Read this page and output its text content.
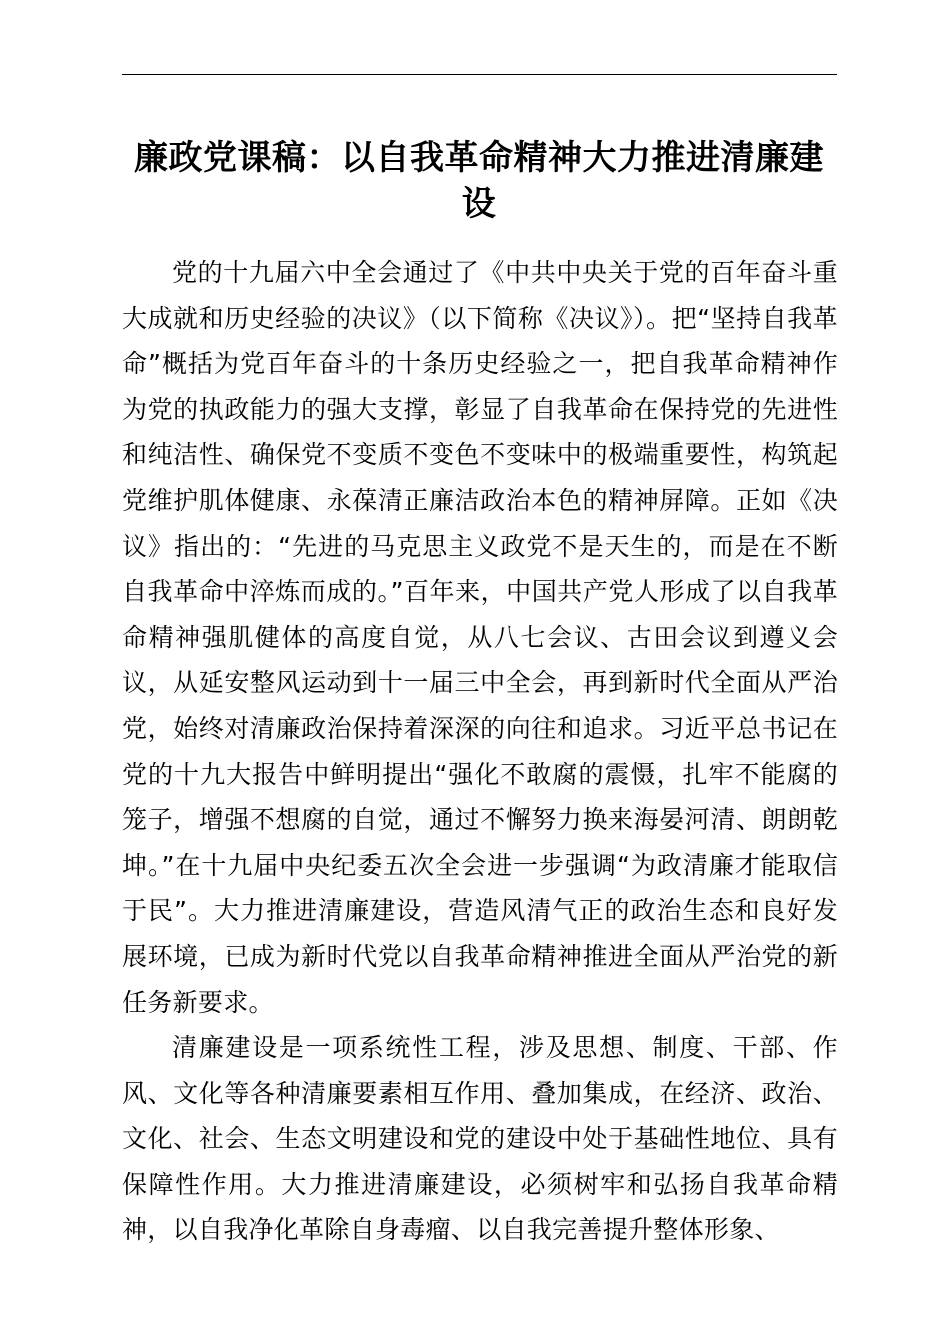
廉政党课稿：以自我革命精神大力推进清廉建设

党的十九届六中全会通过了《中共中央关于党的百年奋斗重大成就和历史经验的决议》（以下简称《决议》）。把“坚持自我革命”概括为党百年奋斗的十条历史经验之一，把自我革命精神作为党的执政能力的强大支撑，彰显了自我革命在保持党的先进性和纯洁性、确保党不变质不变色不变味中的极端重要性，构筑起党维护肌体健康、永葆清正廉洁政治本色的精神屏障。正如《决议》指出的：“先进的马克思主义政党不是天生的，而是在不断自我革命中淬炼而成的。”百年来，中国共产党人形成了以自我革命精神强肌健体的高度自觉，从八七会议、古田会议到遵义会议，从延安整风运动到十一届三中全会，再到新时代全面从严治党，始终对清廉政治保持着深深的向往和追求。习近平总书记在党的十九大报告中鲜明提出“强化不敢腐的震慑，扎牢不能腐的笼子，增强不想腐的自觉，通过不懈努力换来海晏河清、朗朗乾坤。”在十九届中央纪委五次全会进一步强调“为政清廉才能取信于民”。大力推进清廉建设，营造风清气正的政治生态和良好发展环境，已成为新时代党以自我革命精神推进全面从严治党的新任务新要求。

清廉建设是一项系统性工程，涉及思想、制度、干部、作风、文化等各种清廉要素相互作用、叠加集成，在经济、政治、文化、社会、生态文明建设和党的建设中处于基础性地位、具有保障性作用。大力推进清廉建设，必须树牢和弘扬自我革命精神，以自我净化革除自身毒瘤、以自我完善提升整体形象、
